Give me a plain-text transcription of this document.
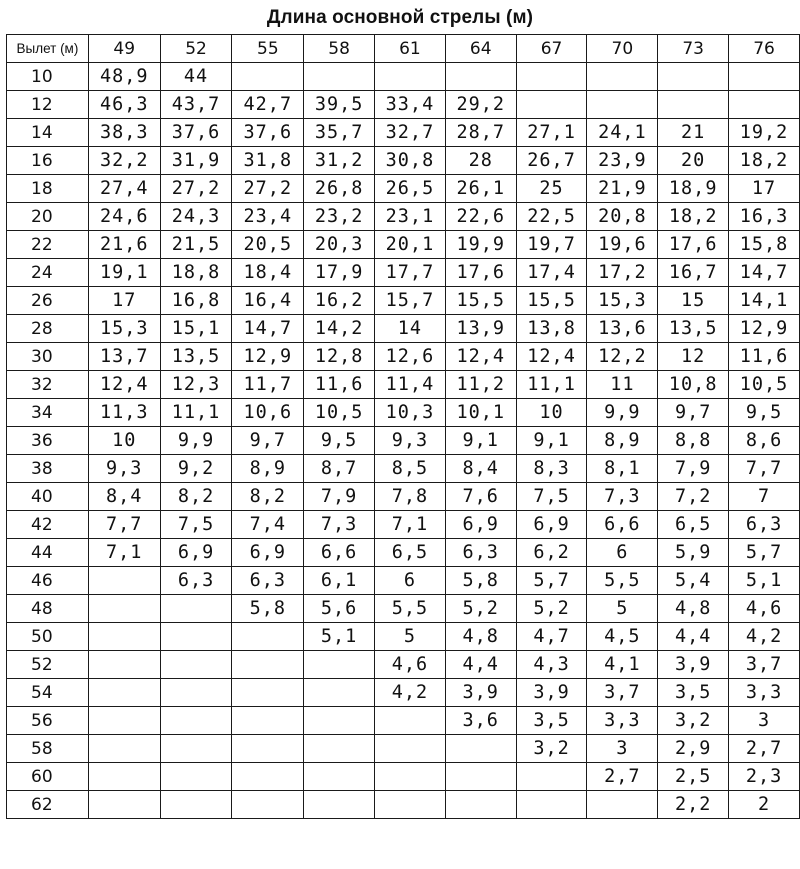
Длина основной стрелы (м)
Вылет (м)	49	52	55	58	61	64	67	70	73	76
10	48,9	44								
12	46,3	43,7	42,7	39,5	33,4	29,2				
14	38,3	37,6	37,6	35,7	32,7	28,7	27,1	24,1	21	19,2
16	32,2	31,9	31,8	31,2	30,8	28	26,7	23,9	20	18,2
18	27,4	27,2	27,2	26,8	26,5	26,1	25	21,9	18,9	17
20	24,6	24,3	23,4	23,2	23,1	22,6	22,5	20,8	18,2	16,3
22	21,6	21,5	20,5	20,3	20,1	19,9	19,7	19,6	17,6	15,8
24	19,1	18,8	18,4	17,9	17,7	17,6	17,4	17,2	16,7	14,7
26	17	16,8	16,4	16,2	15,7	15,5	15,5	15,3	15	14,1
28	15,3	15,1	14,7	14,2	14	13,9	13,8	13,6	13,5	12,9
30	13,7	13,5	12,9	12,8	12,6	12,4	12,4	12,2	12	11,6
32	12,4	12,3	11,7	11,6	11,4	11,2	11,1	11	10,8	10,5
34	11,3	11,1	10,6	10,5	10,3	10,1	10	9,9	9,7	9,5
36	10	9,9	9,7	9,5	9,3	9,1	9,1	8,9	8,8	8,6
38	9,3	9,2	8,9	8,7	8,5	8,4	8,3	8,1	7,9	7,7
40	8,4	8,2	8,2	7,9	7,8	7,6	7,5	7,3	7,2	7
42	7,7	7,5	7,4	7,3	7,1	6,9	6,9	6,6	6,5	6,3
44	7,1	6,9	6,9	6,6	6,5	6,3	6,2	6	5,9	5,7
46		6,3	6,3	6,1	6	5,8	5,7	5,5	5,4	5,1
48			5,8	5,6	5,5	5,2	5,2	5	4,8	4,6
50				5,1	5	4,8	4,7	4,5	4,4	4,2
52					4,6	4,4	4,3	4,1	3,9	3,7
54					4,2	3,9	3,9	3,7	3,5	3,3
56						3,6	3,5	3,3	3,2	3
58							3,2	3	2,9	2,7
60								2,7	2,5	2,3
62									2,2	2
